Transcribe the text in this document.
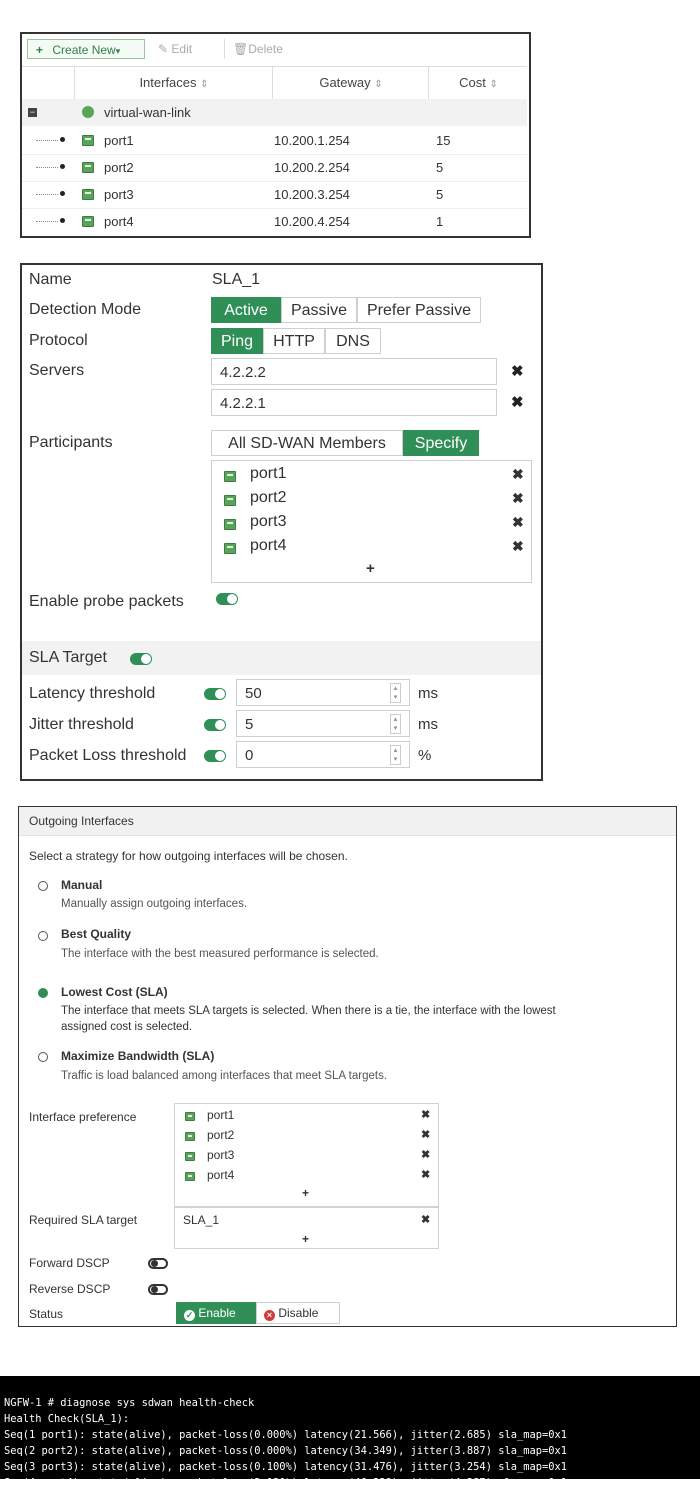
+ Create New▾	✎ Edit	🗑Delete
Interfaces ⇕	Gateway ⇕	Cost ⇕
−	virtual-wan-link
port1	10.200.1.254	15
port2	10.200.2.254	5
port3	10.200.3.254	5
port4	10.200.4.254	1
Name	SLA_1
Detection Mode	Active	Passive	Prefer Passive
Protocol	Ping	HTTP	DNS
Servers	4.2.2.2	✖
4.2.2.1	✖
Participants	All SD-WAN Members	Specify
port1	✖
port2	✖
port3	✖
port4	✖
+
Enable probe packets
SLA Target
Latency threshold	50	▴
▾ ms
Jitter threshold	5	▴
▾ ms
Packet Loss threshold	0	▴
▾ %
Outgoing Interfaces
Select a strategy for how outgoing interfaces will be chosen.
Manual
Manually assign outgoing interfaces.
Best Quality
The interface with the best measured performance is selected.
Lowest Cost (SLA)
The interface that meets SLA targets is selected. When there is a tie, the interface with the lowest
assigned cost is selected.
Maximize Bandwidth (SLA)
Traffic is load balanced among interfaces that meet SLA targets.
Interface preference	port1	✖
port2	✖
port3	✖
port4	✖
+
Required SLA target	SLA_1	✖
+
Forward DSCP
Reverse DSCP
Status	✓ Enable	× Disable

NGFW-1 # diagnose sys sdwan health-check
Health Check(SLA_1):
Seq(1 port1): state(alive), packet-loss(0.000%) latency(21.566), jitter(2.685) sla_map=0x1
Seq(2 port2): state(alive), packet-loss(0.000%) latency(34.349), jitter(3.887) sla_map=0x1
Seq(3 port3): state(alive), packet-loss(0.100%) latency(31.476), jitter(3.254) sla_map=0x1
Seq(4 port4): state(alive), packet-loss(2.130%) latency(46.229), jitter(4.287) sla_map=0x1
